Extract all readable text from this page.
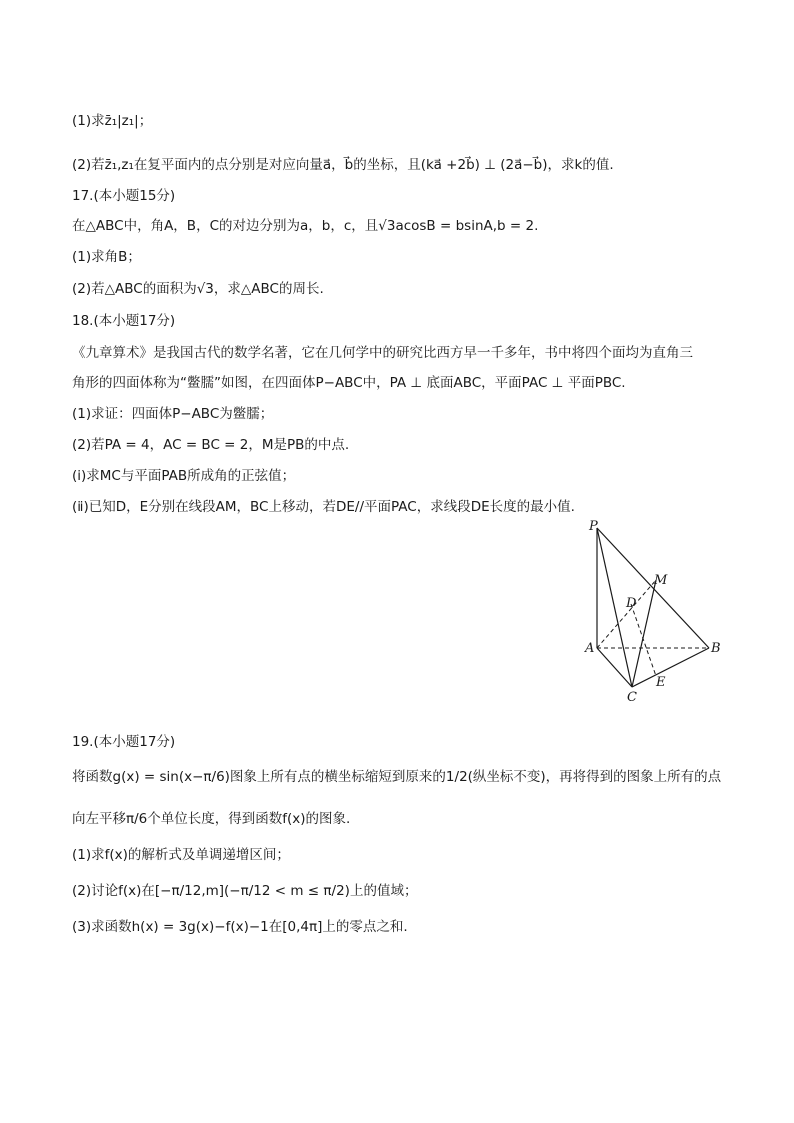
(1)求z̄₁|z₁|；
(2)若z̄₁,z₁在复平面内的点分别是对应向量a⃗，b⃗的坐标，且(ka⃗ +2b⃗) ⊥ (2a⃗−b⃗)，求k的值.
17.(本小题15分)
在△ABC中，角A，B，C的对边分别为a，b，c，且√3acosB = bsinA,b = 2.
(1)求角B；
(2)若△ABC的面积为√3，求△ABC的周长.
18.(本小题17分)
《九章算术》是我国古代的数学名著，它在几何学中的研究比西方早一千多年，书中将四个面均为直角三
角形的四面体称为“鳖臑”如图，在四面体P−ABC中，PA ⊥ 底面ABC，平面PAC ⊥ 平面PBC.
(1)求证：四面体P−ABC为鳖臑；
(2)若PA = 4，AC = BC = 2，M是PB的中点.
(ⅰ)求MC与平面PAB所成角的正弦值；
(ⅱ)已知D，E分别在线段AM，BC上移动，若DE//平面PAC，求线段DE长度的最小值.
P
M
D
A	B
C
E
19.(本小题17分)
将函数g(x) = sin(x−π/6)图象上所有点的横坐标缩短到原来的1/2(纵坐标不变)，再将得到的图象上所有的点
向左平移π/6个单位长度，得到函数f(x)的图象.
(1)求f(x)的解析式及单调递增区间；
(2)讨论f(x)在[−π/12,m](−π/12 < m ≤ π/2)上的值域；
(3)求函数h(x) = 3g(x)−f(x)−1在[0,4π]上的零点之和.
